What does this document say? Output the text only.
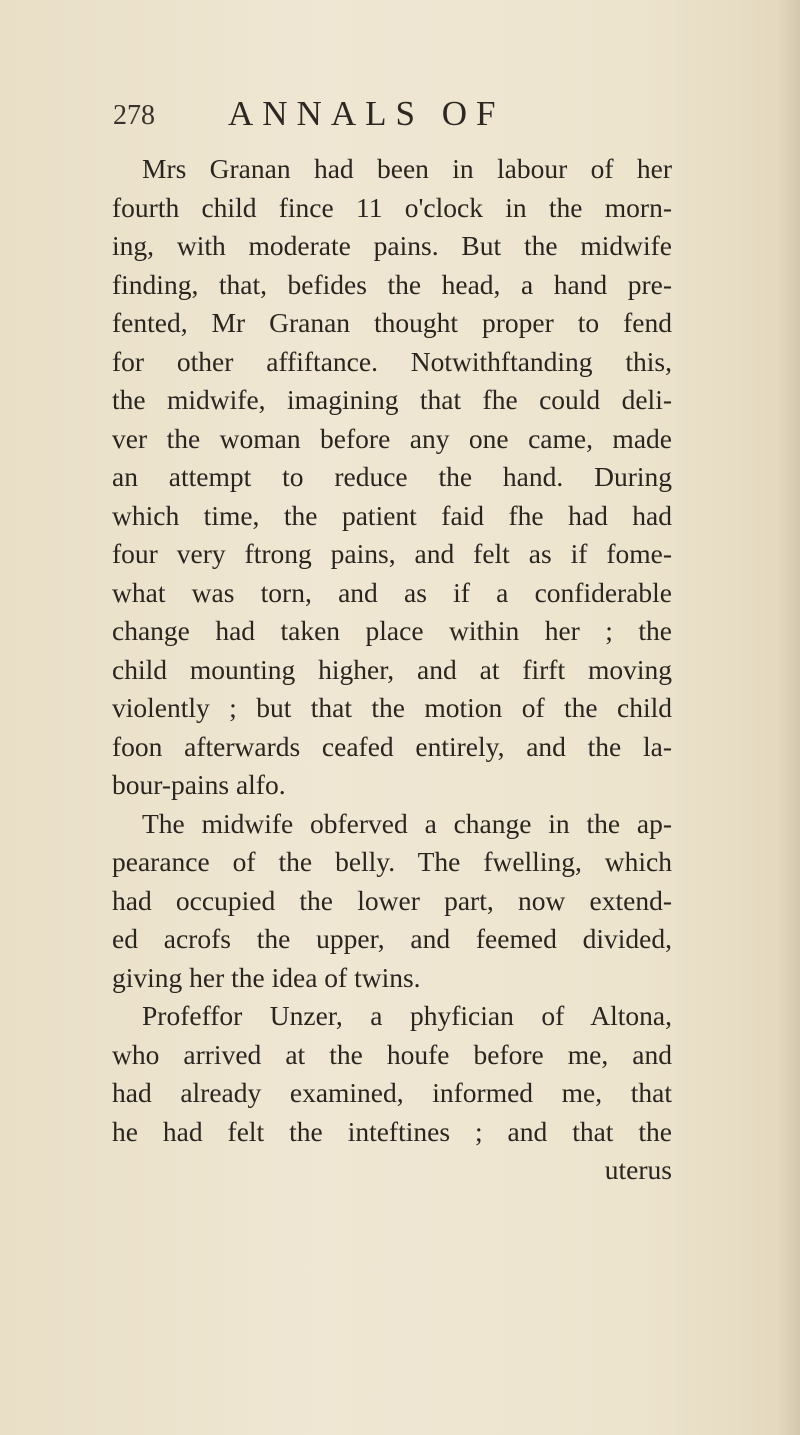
278 ANNALS OF
Mrs Granan had been in labour of her
fourth child fince 11 o'clock in the morn-
ing, with moderate pains. But the midwife
finding, that, befides the head, a hand pre-
fented, Mr Granan thought proper to fend
for other affiftance. Notwithftanding this,
the midwife, imagining that fhe could deli-
ver the woman before any one came, made
an attempt to reduce the hand. During
which time, the patient faid fhe had had
four very ftrong pains, and felt as if fome-
what was torn, and as if a confiderable
change had taken place within her ; the
child mounting higher, and at firft moving
violently ; but that the motion of the child
foon afterwards ceafed entirely, and the la-
bour-pains alfo.
The midwife obferved a change in the ap-
pearance of the belly. The fwelling, which
had occupied the lower part, now extend-
ed acrofs the upper, and feemed divided,
giving her the idea of twins.
Profeffor Unzer, a phyfician of Altona,
who arrived at the houfe before me, and
had already examined, informed me, that
he had felt the inteftines ; and that the
uterus
